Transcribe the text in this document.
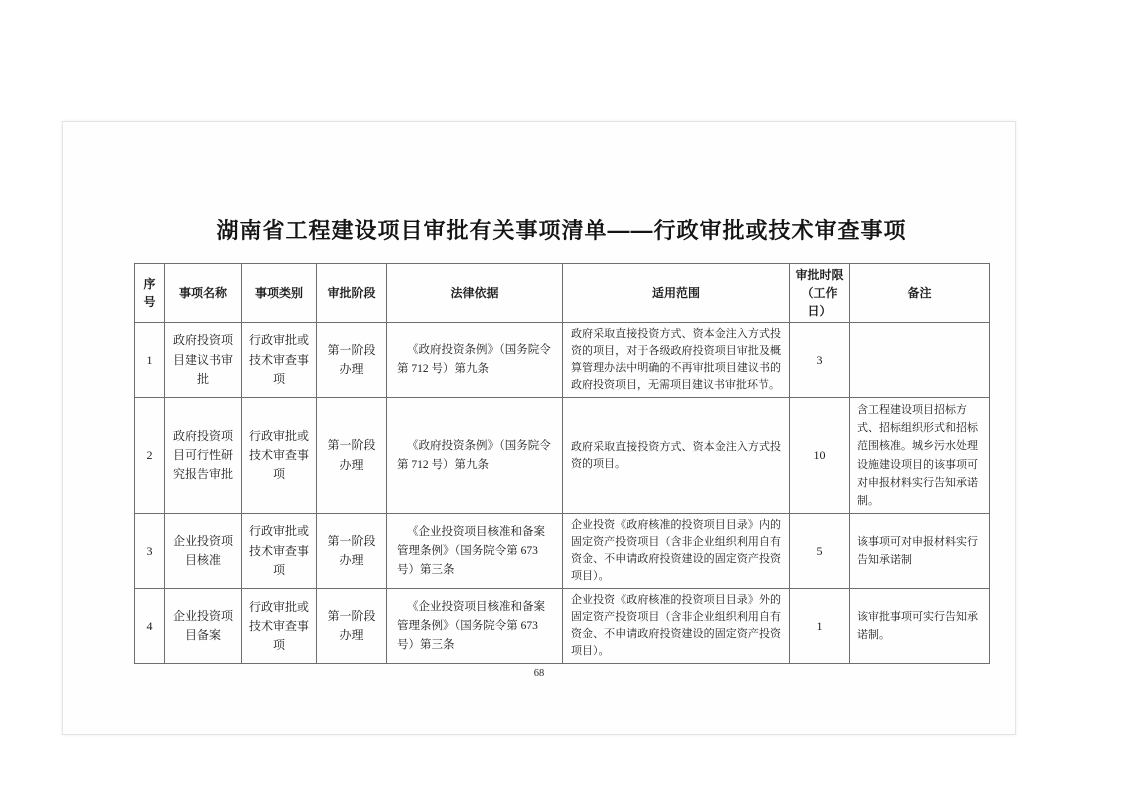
湖南省工程建设项目审批有关事项清单——行政审批或技术审查事项
序号	事项名称	事项类别	审批阶段	法律依据	适用范围	审批时限（工作日）	备注
1	政府投资项目建议书审批	行政审批或技术审查事项	第一阶段办理	《政府投资条例》（国务院令第 712 号）第九条	政府采取直接投资方式、资本金注入方式投资的项目，对于各级政府投资项目审批及概算管理办法中明确的不再审批项目建议书的政府投资项目，无需项目建议书审批环节。	3	
2	政府投资项目可行性研究报告审批	行政审批或技术审查事项	第一阶段办理	《政府投资条例》（国务院令第 712 号）第九条	政府采取直接投资方式、资本金注入方式投资的项目。	10	含工程建设项目招标方式、招标组织形式和招标范围核准。城乡污水处理设施建设项目的该事项可对申报材料实行告知承诺制。
3	企业投资项目核准	行政审批或技术审查事项	第一阶段办理	《企业投资项目核准和备案管理条例》（国务院令第 673 号）第三条	企业投资《政府核准的投资项目目录》内的固定资产投资项目（含非企业组织利用自有资金、不申请政府投资建设的固定资产投资项目）。	5	该事项可对申报材料实行告知承诺制
4	企业投资项目备案	行政审批或技术审查事项	第一阶段办理	《企业投资项目核准和备案管理条例》（国务院令第 673 号）第三条	企业投资《政府核准的投资项目目录》外的固定资产投资项目（含非企业组织利用自有资金、不申请政府投资建设的固定资产投资项目）。	1	该审批事项可实行告知承诺制。
68
